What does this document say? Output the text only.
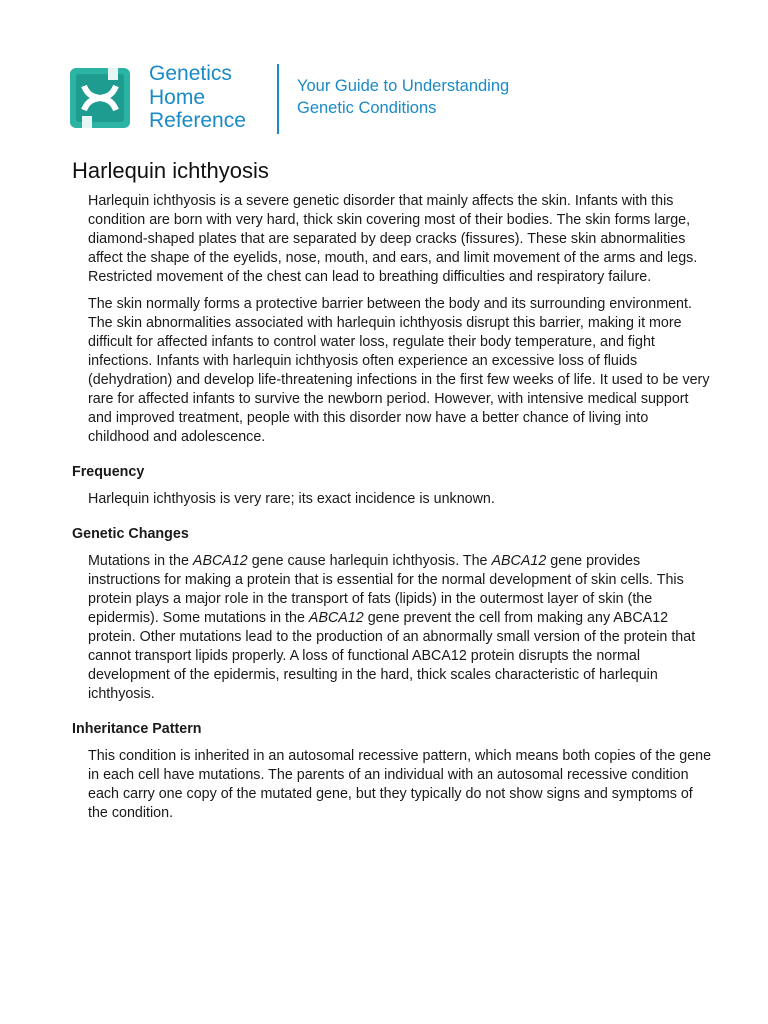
Genetics
Home
Reference
Your Guide to Understanding
Genetic Conditions
Harlequin ichthyosis

Harlequin ichthyosis is a severe genetic disorder that mainly affects the skin. Infants with this condition are born with very hard, thick skin covering most of their bodies. The skin forms large, diamond-shaped plates that are separated by deep cracks (fissures). These skin abnormalities affect the shape of the eyelids, nose, mouth, and ears, and limit movement of the arms and legs. Restricted movement of the chest can lead to breathing difficulties and respiratory failure.

The skin normally forms a protective barrier between the body and its surrounding environment. The skin abnormalities associated with harlequin ichthyosis disrupt this barrier, making it more difficult for affected infants to control water loss, regulate their body temperature, and fight infections. Infants with harlequin ichthyosis often experience an excessive loss of fluids (dehydration) and develop life-threatening infections in the first few weeks of life. It used to be very rare for affected infants to survive the newborn period. However, with intensive medical support and improved treatment, people with this disorder now have a better chance of living into childhood and adolescence.

Frequency

Harlequin ichthyosis is very rare; its exact incidence is unknown.

Genetic Changes

Mutations in the ABCA12 gene cause harlequin ichthyosis. The ABCA12 gene provides instructions for making a protein that is essential for the normal development of skin cells. This protein plays a major role in the transport of fats (lipids) in the outermost layer of skin (the epidermis). Some mutations in the ABCA12 gene prevent the cell from making any ABCA12 protein. Other mutations lead to the production of an abnormally small version of the protein that cannot transport lipids properly. A loss of functional ABCA12 protein disrupts the normal development of the epidermis, resulting in the hard, thick scales characteristic of harlequin ichthyosis.

Inheritance Pattern

This condition is inherited in an autosomal recessive pattern, which means both copies of the gene in each cell have mutations. The parents of an individual with an autosomal recessive condition each carry one copy of the mutated gene, but they typically do not show signs and symptoms of the condition.
